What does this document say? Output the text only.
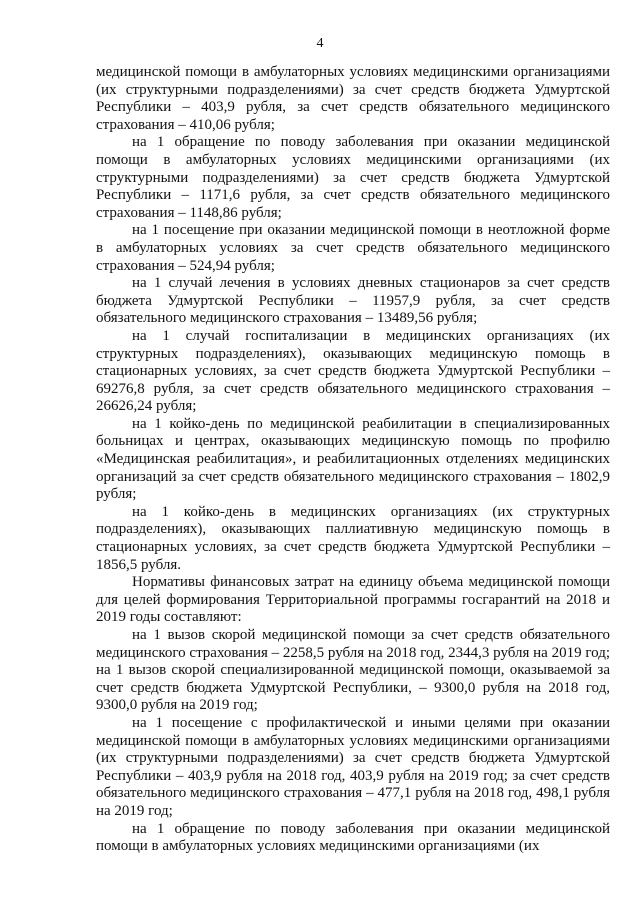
4

медицинской помощи в амбулаторных условиях медицинскими организациями (их структурными подразделениями) за счет средств бюджета Удмуртской Республики – 403,9 рубля, за счет средств обязательного медицинского страхования – 410,06 рубля;

на 1 обращение по поводу заболевания при оказании медицинской помощи в амбулаторных условиях медицинскими организациями (их структурными подразделениями) за счет средств бюджета Удмуртской Республики – 1171,6 рубля, за счет средств обязательного медицинского страхования – 1148,86 рубля;

на 1 посещение при оказании медицинской помощи в неотложной форме в амбулаторных условиях за счет средств обязательного медицинского страхования – 524,94 рубля;

на 1 случай лечения в условиях дневных стационаров за счет средств бюджета Удмуртской Республики – 11957,9 рубля, за счет средств обязательного медицинского страхования – 13489,56 рубля;

на 1 случай госпитализации в медицинских организациях (их структурных подразделениях), оказывающих медицинскую помощь в стационарных условиях, за счет средств бюджета Удмуртской Республики – 69276,8 рубля, за счет средств обязательного медицинского страхования – 26626,24 рубля;

на 1 койко-день по медицинской реабилитации в специализированных больницах и центрах, оказывающих медицинскую помощь по профилю «Медицинская реабилитация», и реабилитационных отделениях медицинских организаций за счет средств обязательного медицинского страхования – 1802,9 рубля;

на 1 койко-день в медицинских организациях (их структурных подразделениях), оказывающих паллиативную медицинскую помощь в стационарных условиях, за счет средств бюджета Удмуртской Республики – 1856,5 рубля.

Нормативы финансовых затрат на единицу объема медицинской помощи для целей формирования Территориальной программы госгарантий на 2018 и 2019 годы составляют:

на 1 вызов скорой медицинской помощи за счет средств обязательного медицинского страхования – 2258,5 рубля на 2018 год, 2344,3 рубля на 2019 год; на 1 вызов скорой специализированной медицинской помощи, оказываемой за счет средств бюджета Удмуртской Республики, – 9300,0 рубля на 2018 год, 9300,0 рубля на 2019 год;

на 1 посещение с профилактической и иными целями при оказании медицинской помощи в амбулаторных условиях медицинскими организациями (их структурными подразделениями) за счет средств бюджета Удмуртской Республики – 403,9 рубля на 2018 год, 403,9 рубля на 2019 год; за счет средств обязательного медицинского страхования – 477,1 рубля на 2018 год, 498,1 рубля на 2019 год;

на 1 обращение по поводу заболевания при оказании медицинской помощи в амбулаторных условиях медицинскими организациями (их
